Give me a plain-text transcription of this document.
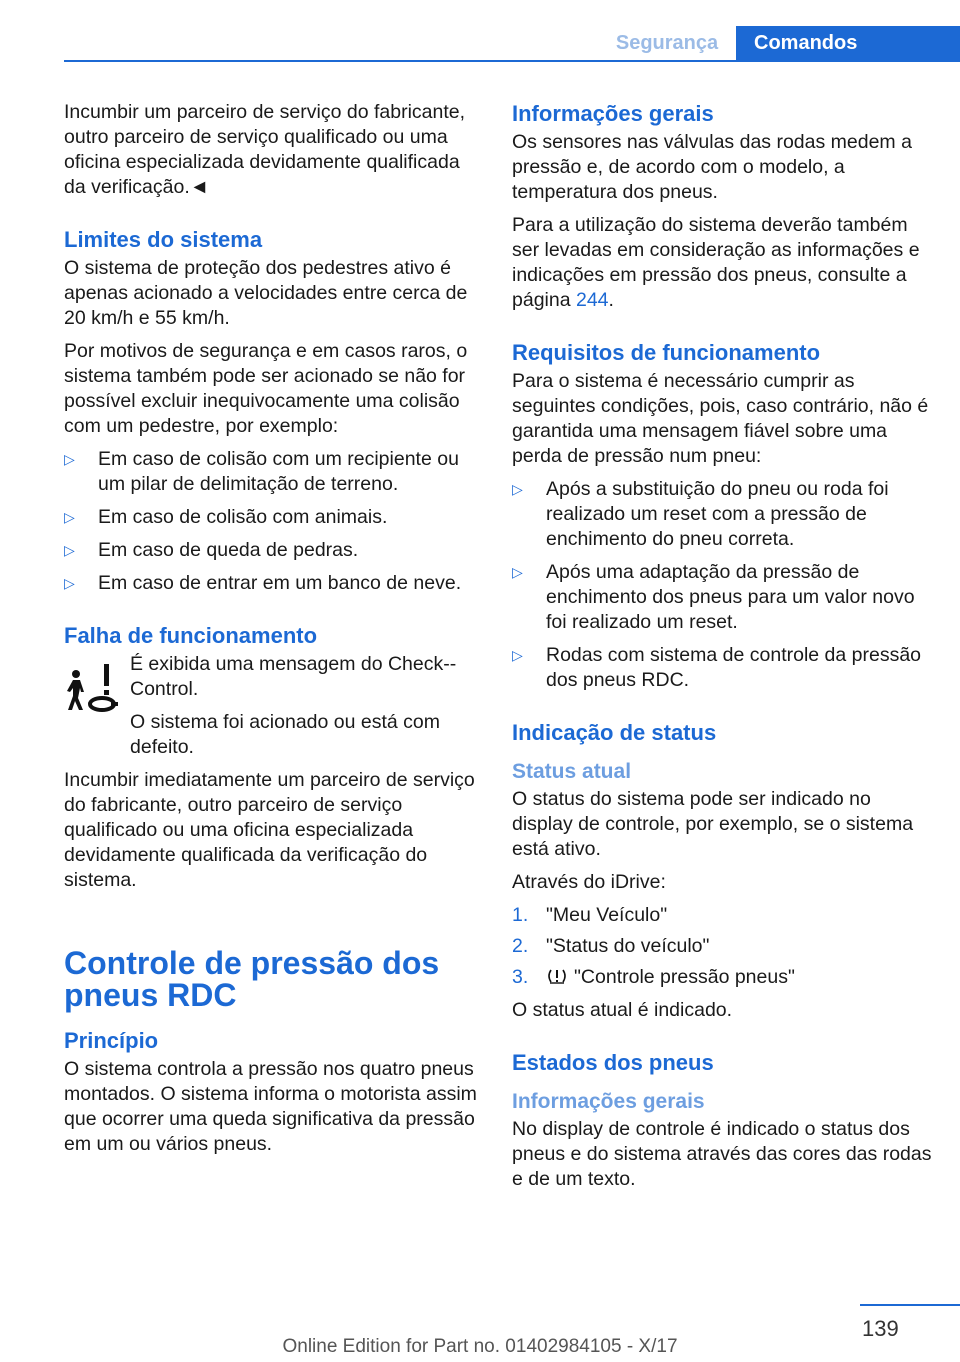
Segurança	Comandos

Incumbir um parceiro de serviço do fabricante, outro parceiro de serviço qualificado ou uma oficina especializada devidamente qualificada da verificação.◄

Limites do sistema

O sistema de proteção dos pedestres ativo é apenas acionado a velocidades entre cerca de 20 km/h e 55 km/h.

Por motivos de segurança e em casos raros, o sistema também pode ser acionado se não for possível excluir inequivocamente uma colisão com um pedestre, por exemplo:

▷ Em caso de colisão com um recipiente ou um pilar de delimitação de terreno.
▷ Em caso de colisão com animais.
▷ Em caso de queda de pedras.
▷ Em caso de entrar em um banco de neve.
Falha de funcionamento

É exibida uma mensagem do Check--Control.

O sistema foi acionado ou está com defeito.

Incumbir imediatamente um parceiro de serviço do fabricante, outro parceiro de serviço qualificado ou uma oficina especializada devidamente qualificada da verificação do sistema.

Controle de pressão dos pneus RDC
Princípio

O sistema controla a pressão nos quatro pneus montados. O sistema informa o motorista assim que ocorrer uma queda significativa da pressão em um ou vários pneus.

Informações gerais

Os sensores nas válvulas das rodas medem a pressão e, de acordo com o modelo, a temperatura dos pneus.

Para a utilização do sistema deverão também ser levadas em consideração as informações e indicações em pressão dos pneus, consulte a página 244.

Requisitos de funcionamento

Para o sistema é necessário cumprir as seguintes condições, pois, caso contrário, não é garantida uma mensagem fiável sobre uma perda de pressão num pneu:

▷ Após a substituição do pneu ou roda foi realizado um reset com a pressão de enchimento do pneu correta.
▷ Após uma adaptação da pressão de enchimento dos pneus para um valor novo foi realizado um reset.
▷ Rodas com sistema de controle da pressão dos pneus RDC.
Indicação de status
Status atual

O status do sistema pode ser indicado no display de controle, por exemplo, se o sistema está ativo.

Através do iDrive:

1. "Meu Veículo"
2. "Status do veículo"
3. "Controle pressão pneus"

O status atual é indicado.

Estados dos pneus
Informações gerais

No display de controle é indicado o status dos pneus e do sistema através das cores das rodas e de um texto.

139
Online Edition for Part no. 01402984105 - X/17
